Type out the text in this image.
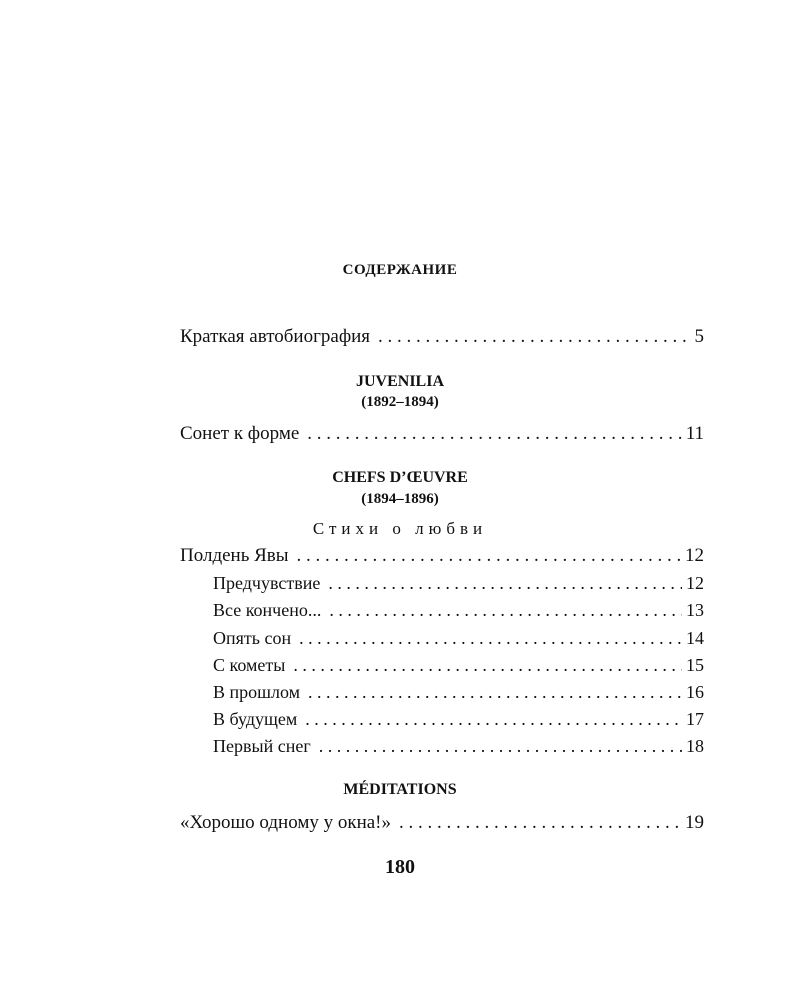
СОДЕРЖАНИЕ
Краткая автобиография . . .	5
JUVENILIA
(1892–1894)
Сонет к форме . . .	11
CHEFS D’ŒUVRE
(1894–1896)
Стихи о любви
Полдень Явы . . .	12
Предчувствие . . .	12
Все кончено... . . .	13
Опять сон . . .	14
С кометы . . .	15
В прошлом . . .	16
В будущем . . .	17
Первый снег . . .	18
MÉDITATIONS
«Хорошо одному у окна!» . . .	19
180
